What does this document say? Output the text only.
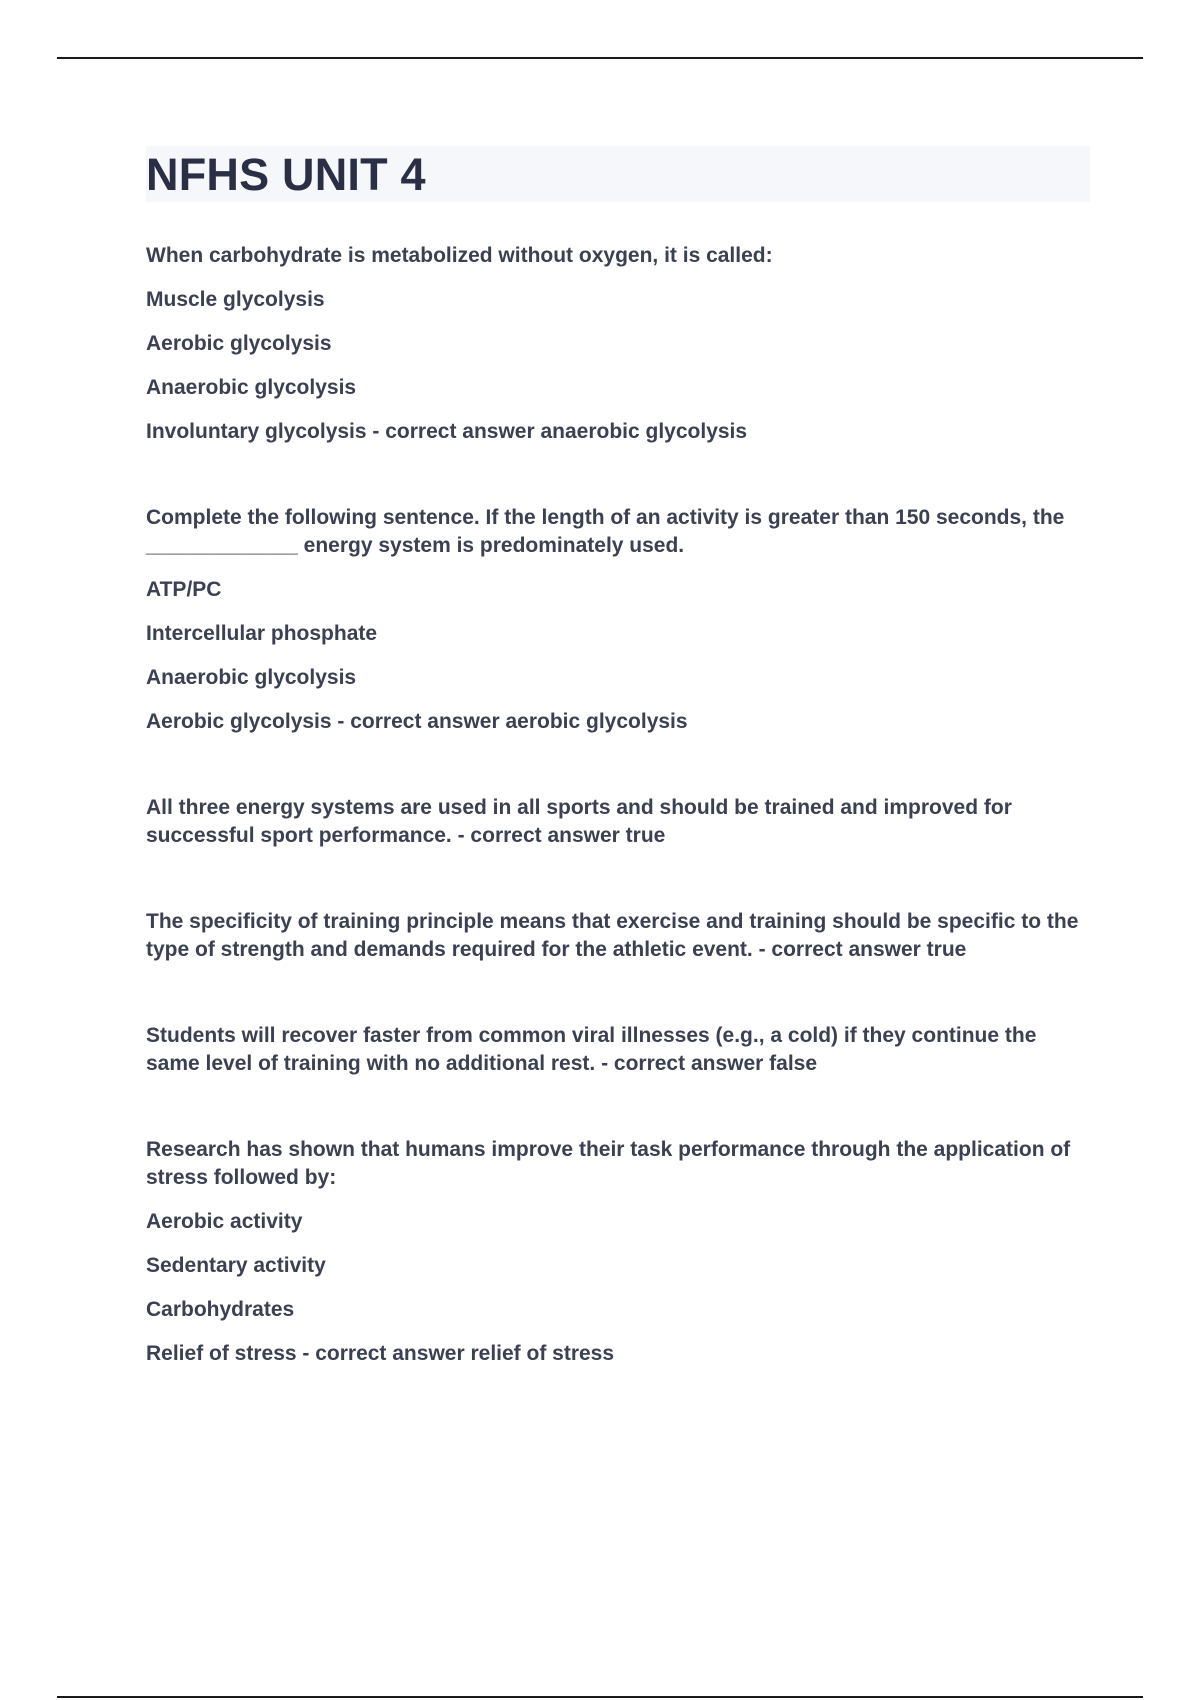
NFHS UNIT 4

When carbohydrate is metabolized without oxygen, it is called:

Muscle glycolysis

Aerobic glycolysis

Anaerobic glycolysis

Involuntary glycolysis - correct answer anaerobic glycolysis

Complete the following sentence. If the length of an activity is greater than 150 seconds, the _____________ energy system is predominately used.

ATP/PC

Intercellular phosphate

Anaerobic glycolysis

Aerobic glycolysis - correct answer aerobic glycolysis

All three energy systems are used in all sports and should be trained and improved for successful sport performance. - correct answer true

The specificity of training principle means that exercise and training should be specific to the type of strength and demands required for the athletic event. - correct answer true

Students will recover faster from common viral illnesses (e.g., a cold) if they continue the same level of training with no additional rest. - correct answer false

Research has shown that humans improve their task performance through the application of stress followed by:

Aerobic activity

Sedentary activity

Carbohydrates

Relief of stress - correct answer relief of stress
